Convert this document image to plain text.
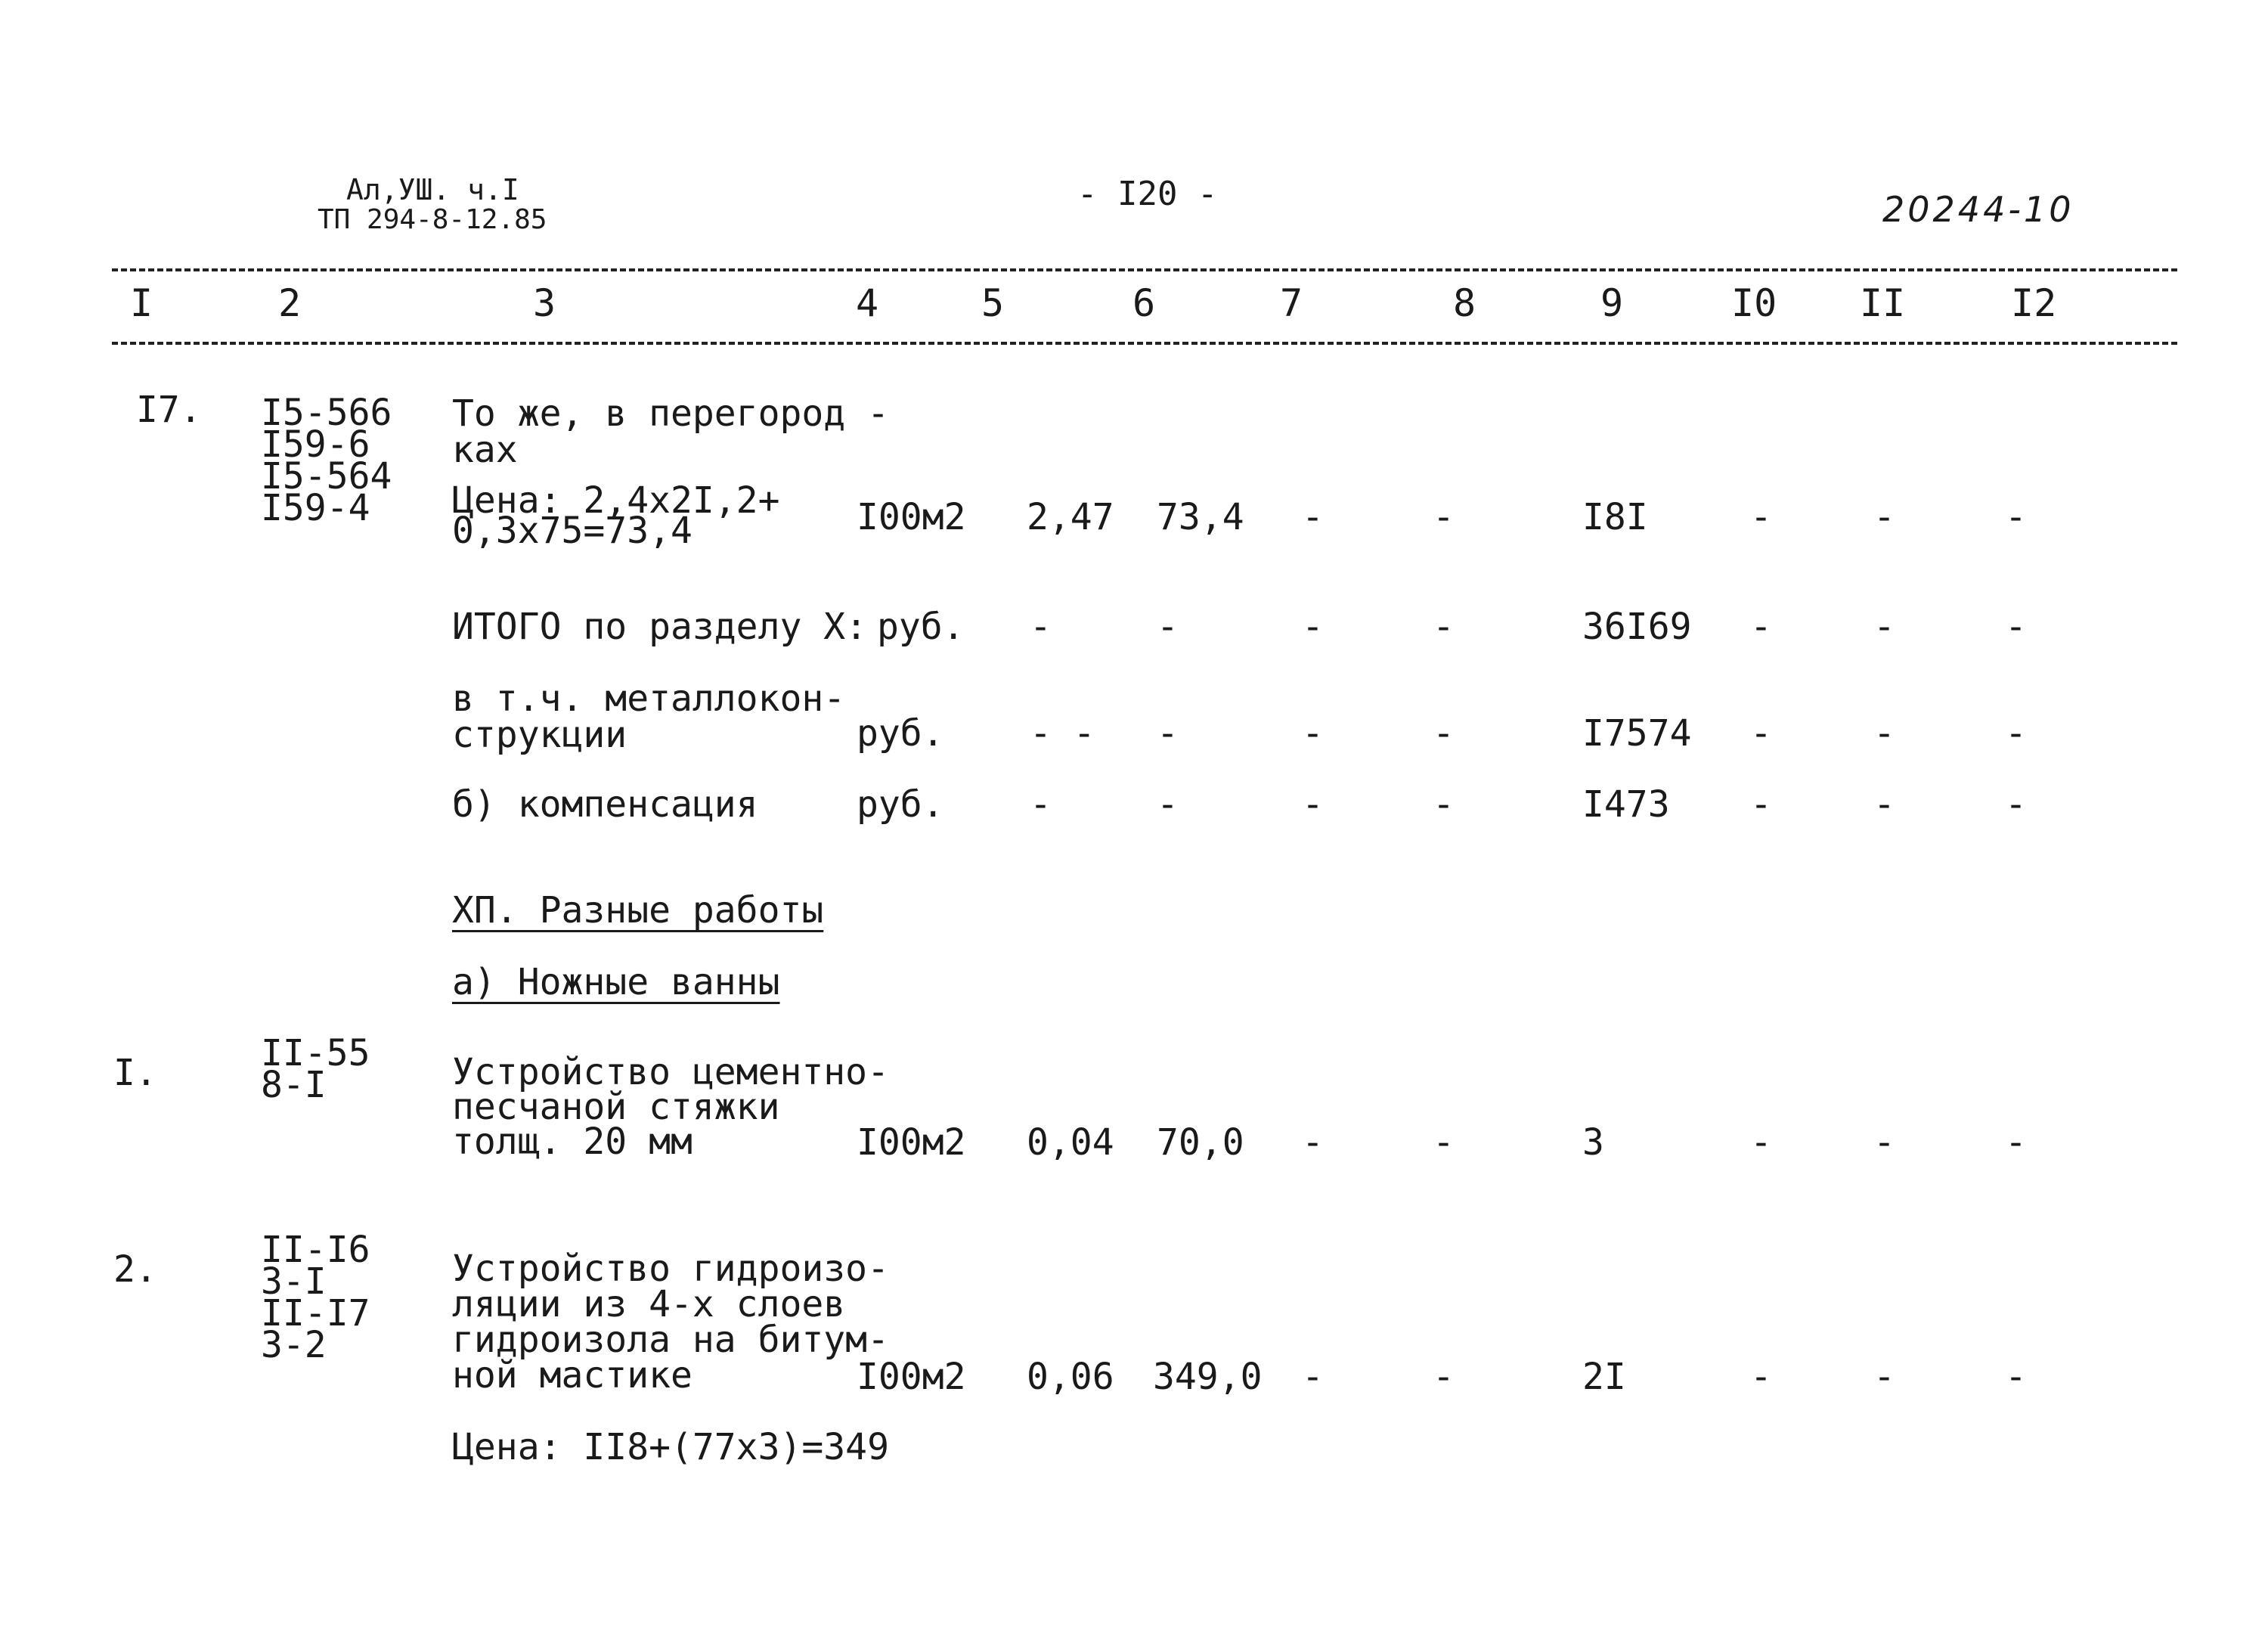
Ал,УШ. ч.I
ТП 294-8-12.85
- I20 -	20244-10
I	2	3	4	5	6	7	8	9	I0 II	I2
I7. I5-566
I59-6
I5-564
I59-4
То же, в перегород -
ках
Цена: 2,4x2I,2+
0,3x75=73,4	I00м2 2,47 73,4 -	-	I8I	-	-	-
ИТОГО по разделу X: руб. -	-	-	-	36I69 -	-	-
в т.ч. металлокон-
струкции	руб. - - -	-	-	I7574 -	-	-
б) компенсация	руб. -	-	-	-	I473 -	-	-
ХП. Разные работы
а) Ножные ванны
I.	II-55
8-I	Устройство цементно-
песчаной стяжки
толщ. 20 мм	I00м2 0,04 70,0 -	-	3	-	-	-
2.	II-I6
3-I
II-I7
3-2
Устройство гидроизо-
ляции из 4-х слоев
гидроизола на битум-
ной мастике	I00м2 0,06 349,0 -	-	2I	-	-	-
Цена: II8+(77x3)=349
